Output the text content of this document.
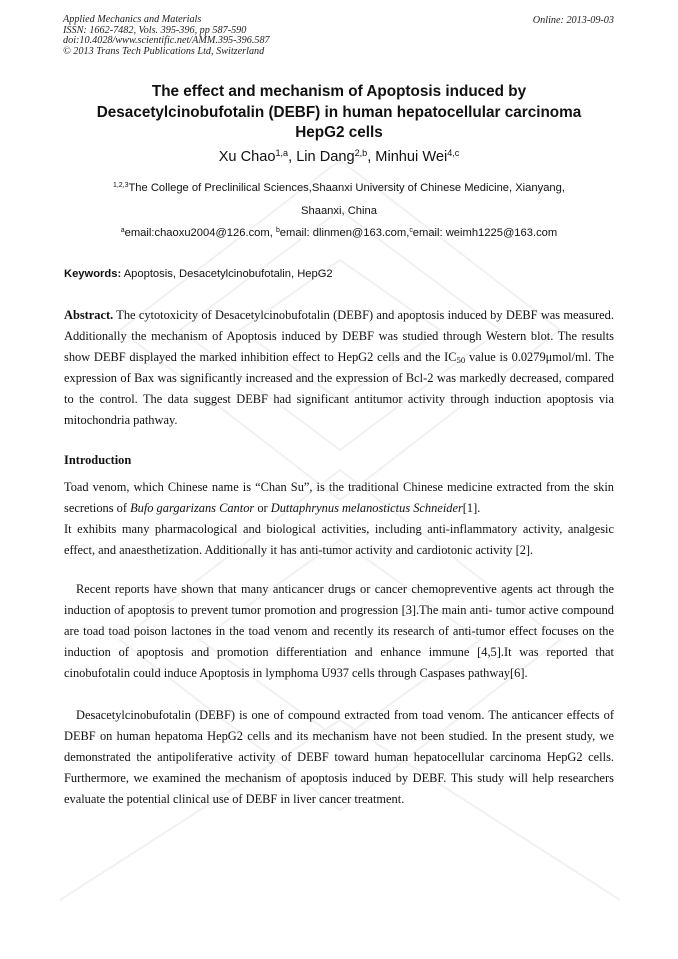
Applied Mechanics and Materials
ISSN: 1662-7482, Vols. 395-396, pp 587-590
doi:10.4028/www.scientific.net/AMM.395-396.587
© 2013 Trans Tech Publications Ltd, Switzerland
Online: 2013-09-03
The effect and mechanism of Apoptosis induced by
Desacetylcinobufotalin (DEBF) in human hepatocellular carcinoma
HepG2 cells
Xu Chao$^{1,a}$, Lin Dang$^{2,b}$, Minhui Wei$^{4,c}$
$^{1,2,3}$The College of Preclinilical Sciences,Shaanxi University of Chinese Medicine, Xianyang,
Shaanxi, China
$^a$email:chaoxu2004@126.com, $^b$email: dlinmen@163.com,$^c$email: weimh1225@163.com
Keywords: Apoptosis, Desacetylcinobufotalin, HepG2
Abstract. The cytotoxicity of Desacetylcinobufotalin (DEBF) and apoptosis induced by DEBF was measured. Additionally the mechanism of Apoptosis induced by DEBF was studied through Western blot. The results show DEBF displayed the marked inhibition effect to HepG2 cells and the $IC_{50}$ value is 0.0279μmol/ml. The expression of Bax was significantly increased and the expression of Bcl-2 was markedly decreased, compared to the control. The data suggest DEBF had significant antitumor activity through induction apoptosis via mitochondria pathway.
Introduction
Toad venom, which Chinese name is “Chan Su”, is the traditional Chinese medicine extracted from the skin secretions of Bufo gargarizans Cantor or Duttaphrynus melanostictus Schneider[1].
It exhibits many pharmacological and biological activities, including anti-inflammatory activity, analgesic effect, and anaesthetization. Additionally it has anti-tumor activity and cardiotonic activity [2].
Recent reports have shown that many anticancer drugs or cancer chemopreventive agents act through the induction of apoptosis to prevent tumor promotion and progression [3].The main anti- tumor active compound are toad toad poison lactones in the toad venom and recently its research of anti-tumor effect focuses on the induction of apoptosis and promotion differentiation and enhance immune [4,5].It was reported that cinobufotalin could induce Apoptosis in lymphoma U937 cells through Caspases pathway[6].
Desacetylcinobufotalin (DEBF) is one of compound extracted from toad venom. The anticancer effects of DEBF on human hepatoma HepG2 cells and its mechanism have not been studied. In the present study, we demonstrated the antipoliferative activity of DEBF toward human hepatocellular carcinoma HepG2 cells. Furthermore, we examined the mechanism of apoptosis induced by DEBF. This study will help researchers evaluate the potential clinical use of DEBF in liver cancer treatment.
